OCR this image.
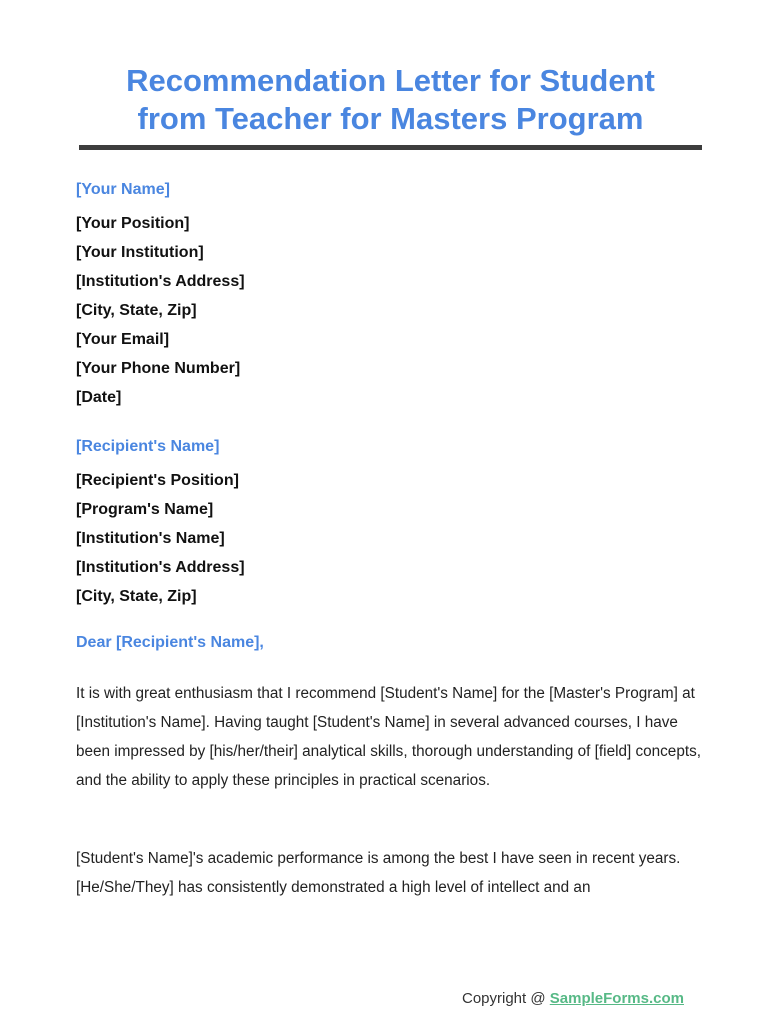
Recommendation Letter for Student
from Teacher for Masters Program
[Your Name]
[Your Position]
[Your Institution]
[Institution's Address]
[City, State, Zip]
[Your Email]
[Your Phone Number]
[Date]
[Recipient's Name]
[Recipient's Position]
[Program's Name]
[Institution's Name]
[Institution's Address]
[City, State, Zip]
Dear [Recipient's Name],
It is with great enthusiasm that I recommend [Student's Name] for the [Master's Program] at [Institution's Name]. Having taught [Student's Name] in several advanced courses, I have been impressed by [his/her/their] analytical skills, thorough understanding of [field] concepts, and the ability to apply these principles in practical scenarios.
[Student's Name]'s academic performance is among the best I have seen in recent years. [He/She/They] has consistently demonstrated a high level of intellect and an
Copyright @ SampleForms.com
